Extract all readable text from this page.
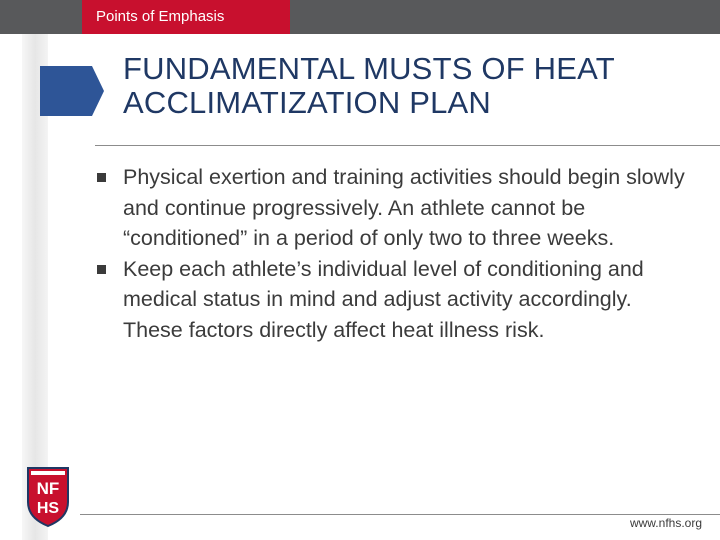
Points of Emphasis
FUNDAMENTAL MUSTS OF HEAT ACCLIMATIZATION PLAN
Physical exertion and training activities should begin slowly and continue progressively. An athlete cannot be “conditioned” in a period of only two to three weeks.
Keep each athlete’s individual level of conditioning and medical status in mind and adjust activity accordingly. These factors directly affect heat illness risk.
www.nfhs.org
NF
HS
